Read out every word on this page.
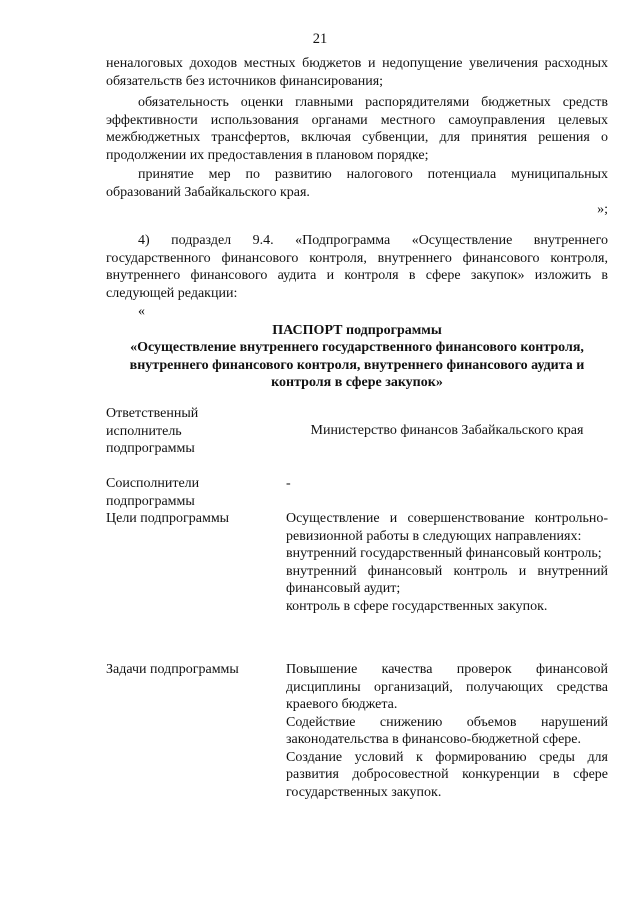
21
неналоговых доходов местных бюджетов и недопущение увеличения расходных обязательств без источников финансирования;
обязательность оценки главными распорядителями бюджетных средств эффективности использования органами местного самоуправления целевых межбюджетных трансфертов, включая субвенции, для принятия решения о продолжении их предоставления в плановом порядке;
принятие мер по развитию налогового потенциала муниципальных образований Забайкальского края.
»;
4) подраздел 9.4. «Подпрограмма «Осуществление внутреннего государственного финансового контроля, внутреннего финансового контроля, внутреннего финансового аудита и контроля в сфере закупок» изложить в следующей редакции:
«
ПАСПОРТ подпрограммы
«Осуществление внутреннего государственного финансового контроля, внутреннего финансового контроля, внутреннего финансового аудита и контроля в сфере закупок»
Ответственный исполнитель подпрограммы
Министерство финансов Забайкальского края
Соисполнители подпрограммы
-
Цели подпрограммы	Осуществление и совершенствование контрольно-ревизионной работы в следующих направлениях:

внутренний государственный финансовый контроль;

внутренний финансовый контроль и внутренний финансовый аудит;

контроль в сфере государственных закупок.

Задачи подпрограммы	Повышение качества проверок финансовой дисциплины организаций, получающих средства краевого бюджета.

Содействие снижению объемов нарушений законодательства в финансово-бюджетной сфере.

Создание условий к формированию среды для развития добросовестной конкуренции в сфере государственных закупок.
